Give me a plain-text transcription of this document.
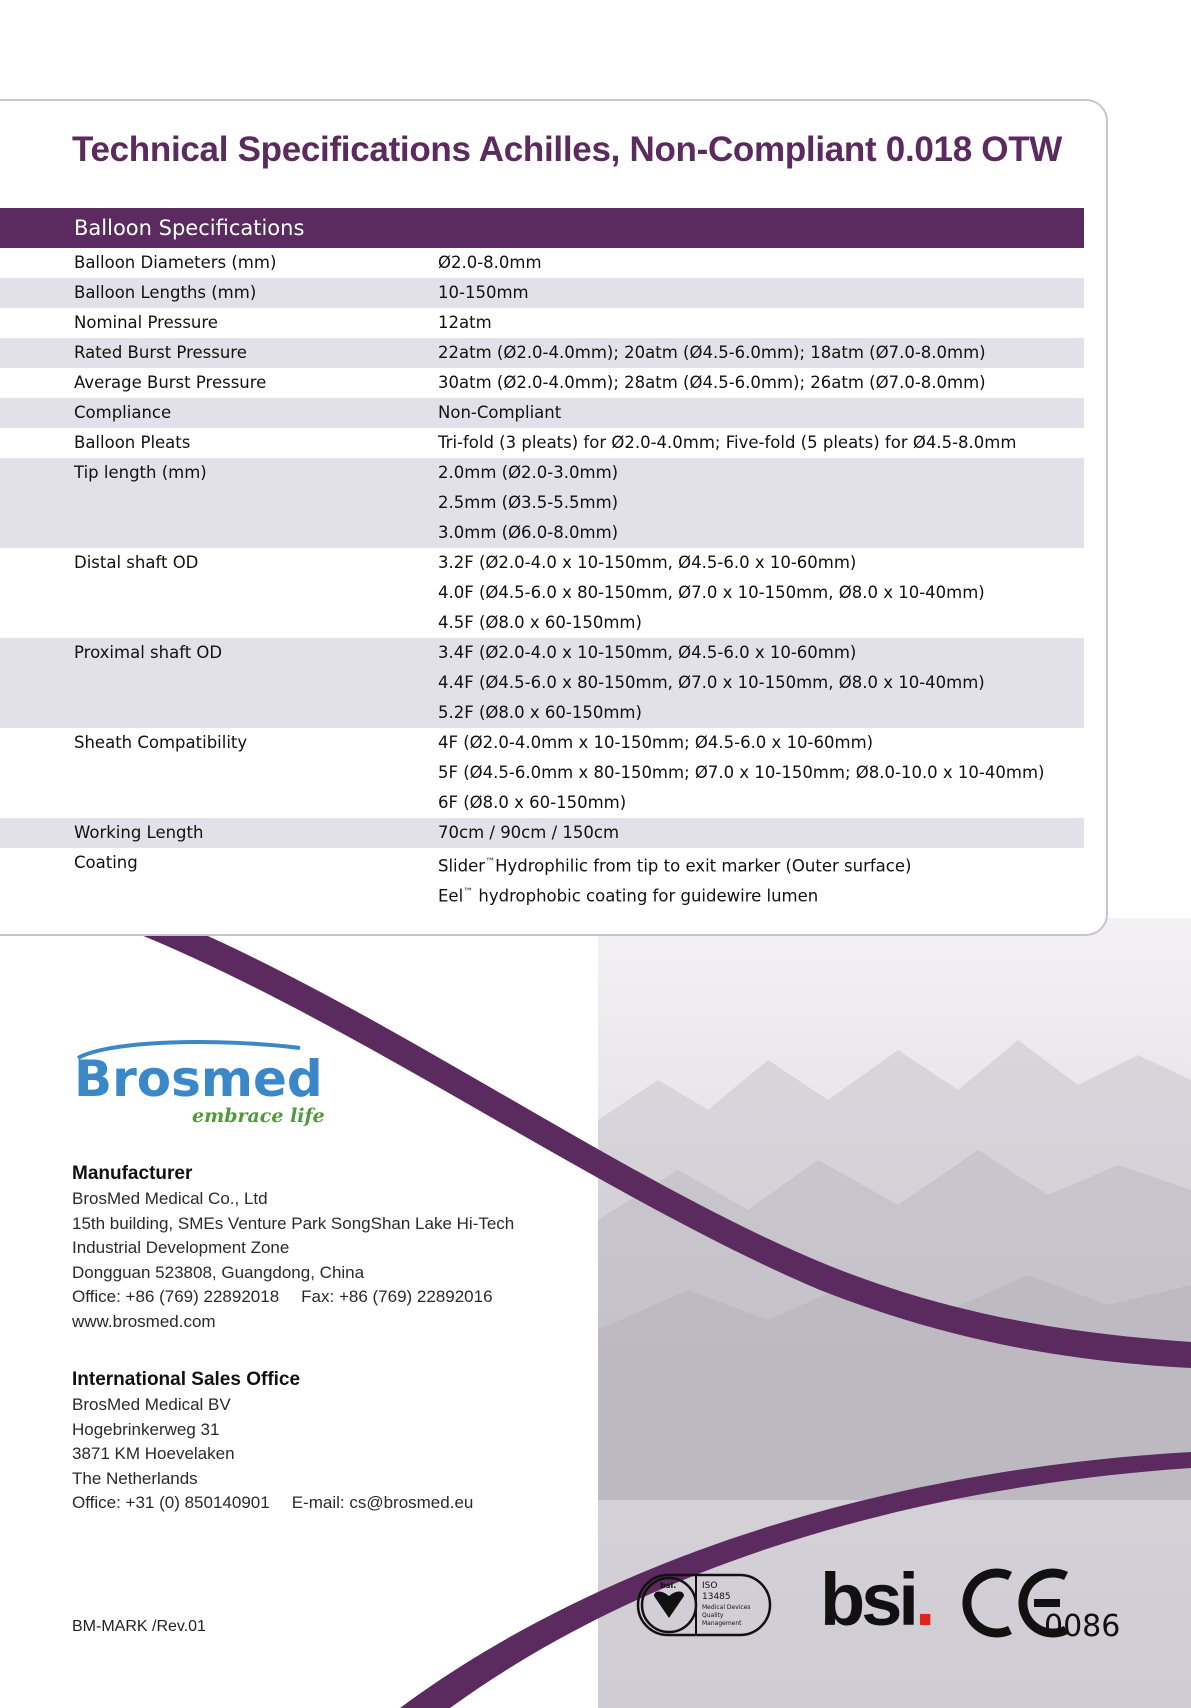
Technical Specifications Achilles, Non-Compliant 0.018 OTW
Balloon Specifications
Balloon Diameters (mm)	Ø2.0-8.0mm
Balloon Lengths (mm)	10-150mm
Nominal Pressure	12atm
Rated Burst Pressure	22atm (Ø2.0-4.0mm); 20atm (Ø4.5-6.0mm); 18atm (Ø7.0-8.0mm)
Average Burst Pressure	30atm (Ø2.0-4.0mm); 28atm (Ø4.5-6.0mm); 26atm (Ø7.0-8.0mm)
Compliance	Non-Compliant
Balloon Pleats	Tri-fold (3 pleats) for Ø2.0-4.0mm; Five-fold (5 pleats) for Ø4.5-8.0mm
Tip length (mm)	2.0mm (Ø2.0-3.0mm)
2.5mm (Ø3.5-5.5mm)
3.0mm (Ø6.0-8.0mm)
Distal shaft OD	3.2F (Ø2.0-4.0 x 10-150mm, Ø4.5-6.0 x 10-60mm)
4.0F (Ø4.5-6.0 x 80-150mm, Ø7.0 x 10-150mm, Ø8.0 x 10-40mm)
4.5F (Ø8.0 x 60-150mm)
Proximal shaft OD	3.4F (Ø2.0-4.0 x 10-150mm, Ø4.5-6.0 x 10-60mm)
4.4F (Ø4.5-6.0 x 80-150mm, Ø7.0 x 10-150mm, Ø8.0 x 10-40mm)
5.2F (Ø8.0 x 60-150mm)
Sheath Compatibility	4F (Ø2.0-4.0mm x 10-150mm; Ø4.5-6.0 x 10-60mm)
5F (Ø4.5-6.0mm x 80-150mm; Ø7.0 x 10-150mm; Ø8.0-10.0 x 10-40mm)
6F (Ø8.0 x 60-150mm)
Working Length	70cm / 90cm / 150cm
Coating	Slider™Hydrophilic from tip to exit marker (Outer surface)
Eel™ hydrophobic coating for guidewire lumen
Brosmed
embrace life
Manufacturer
BrosMed Medical Co., Ltd
15th building, SMEs Venture Park SongShan Lake Hi-Tech
Industrial Development Zone
Dongguan 523808, Guangdong, China
Office: +86 (769) 22892018 Fax: +86 (769) 22892016
www.brosmed.com
International Sales Office
BrosMed Medical BV
Hogebrinkerweg 31
3871 KM Hoevelaken
The Netherlands
Office: +31 (0) 850140901 E-mail: cs@brosmed.eu
BM-MARK /Rev.01
bsi.	ISO
13485
Medical Devices
Quality
Management bsi.	0086
